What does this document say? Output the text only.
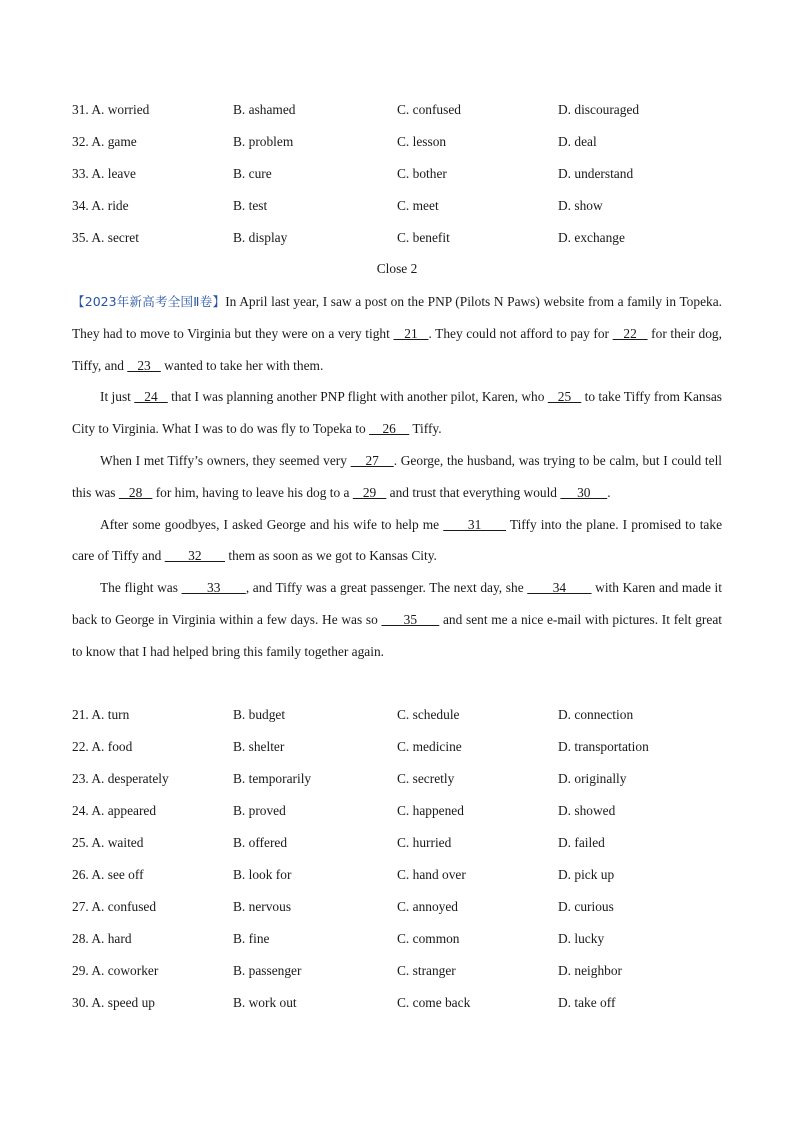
31. A. worried	B. ashamed	C. confused	D. discouraged
32. A. game	B. problem	C. lesson	D. deal
33. A. leave	B. cure	C. bother	D. understand
34. A. ride	B. test	C. meet	D. show
35. A. secret	B. display	C. benefit	D. exchange
Close 2

【2023年新高考全国Ⅱ卷】In April last year, I saw a post on the PNP (Pilots N Paws) website from a family in Topeka. They had to move to Virginia but they were on a very tight    21   . They could not afford to pay for    22    for their dog, Tiffy, and    23    wanted to take her with them.

It just    24    that I was planning another PNP flight with another pilot, Karen, who    25    to take Tiffy from Kansas City to Virginia. What I was to do was fly to Topeka to     26     Tiffy.

When I met Tiffy’s owners, they seemed very     27    . George, the husband, was trying to be calm, but I could tell this was    28    for him, having to leave his dog to a    29    and trust that everything would      30     .

After some goodbyes, I asked George and his wife to help me       31       Tiffy into the plane. I promised to take care of Tiffy and        32        them as soon as we got to Kansas City.

The flight was        33       , and Tiffy was a great passenger. The next day, she        34        with Karen and made it back to George in Virginia within a few days. He was so       35       and sent me a nice e-mail with pictures. It felt great to know that I had helped bring this family together again.

21. A. turn	B. budget	C. schedule	D. connection
22. A. food	B. shelter	C. medicine	D. transportation
23. A. desperately	B. temporarily	C. secretly	D. originally
24. A. appeared	B. proved	C. happened	D. showed
25. A. waited	B. offered	C. hurried	D. failed
26. A. see off	B. look for	C. hand over	D. pick up
27. A. confused	B. nervous	C. annoyed	D. curious
28. A. hard	B. fine	C. common	D. lucky
29. A. coworker	B. passenger	C. stranger	D. neighbor
30. A. speed up	B. work out	C. come back	D. take off
